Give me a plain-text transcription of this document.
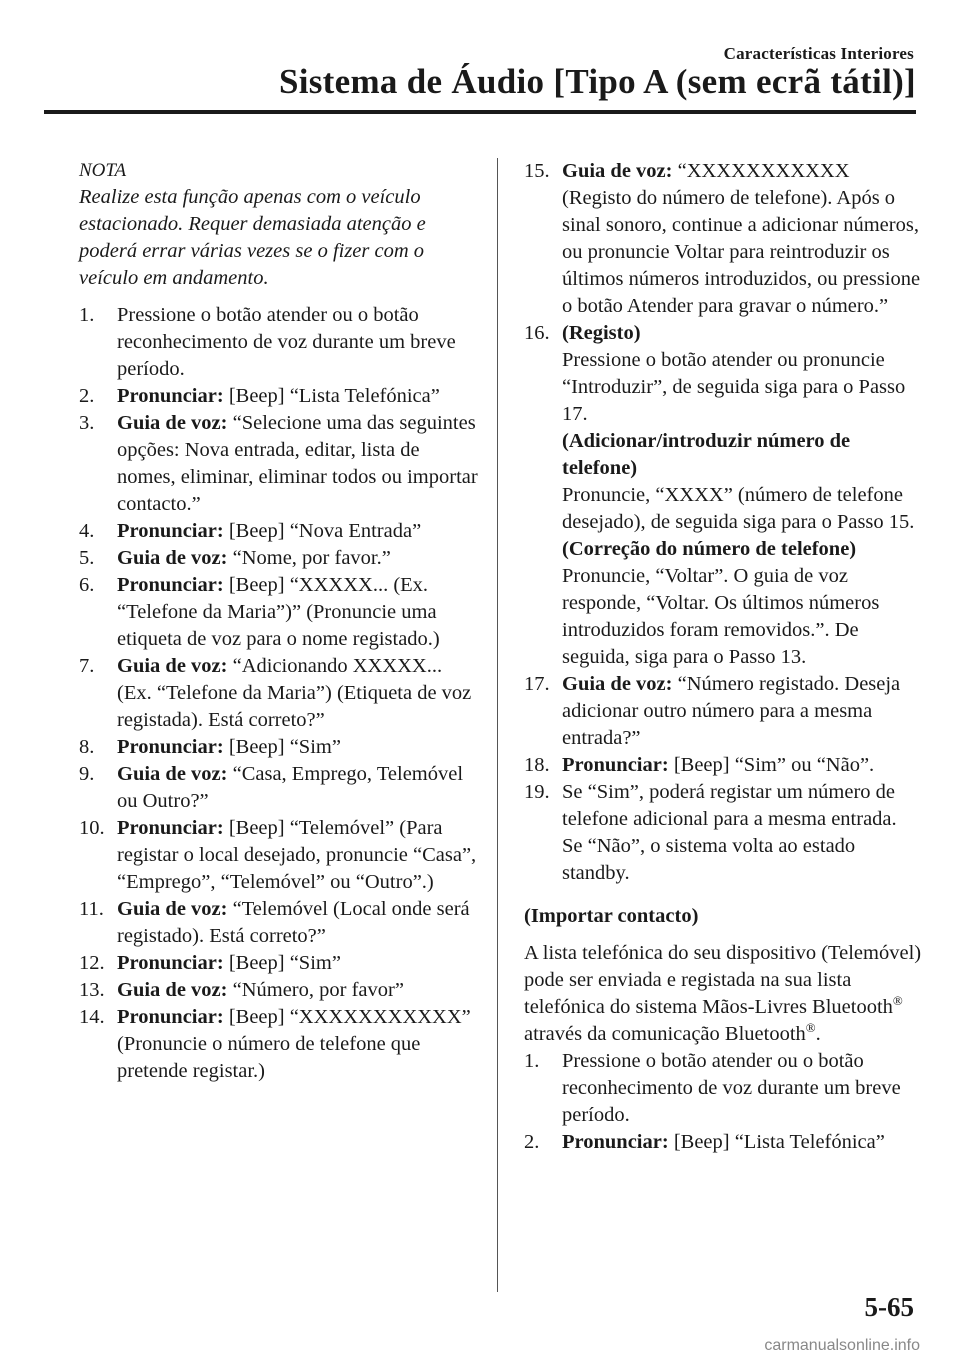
Características Interiores
Sistema de Áudio [Tipo A (sem ecrã tátil)]
NOTA
Realize esta função apenas com o veículo estacionado. Requer demasiada atenção e poderá errar várias vezes se o fizer com o veículo em andamento.
1. Pressione o botão atender ou o botão reconhecimento de voz durante um breve período.
2. Pronunciar: [Beep] “Lista Telefónica”
3. Guia de voz: “Selecione uma das seguintes opções: Nova entrada, editar, lista de nomes, eliminar, eliminar todos ou importar contacto.”
4. Pronunciar: [Beep] “Nova Entrada”
5. Guia de voz: “Nome, por favor.”
6. Pronunciar: [Beep] “XXXXX... (Ex. “Telefone da Maria”)” (Pronuncie uma etiqueta de voz para o nome registado.)
7. Guia de voz: “Adicionando XXXXX... (Ex. “Telefone da Maria”) (Etiqueta de voz registada). Está correto?”
8. Pronunciar: [Beep] “Sim”
9. Guia de voz: “Casa, Emprego, Telemóvel ou Outro?”
10. Pronunciar: [Beep] “Telemóvel” (Para registar o local desejado, pronuncie “Casa”, “Emprego”, “Telemóvel” ou “Outro”.)
11. Guia de voz: “Telemóvel (Local onde será registado). Está correto?”
12. Pronunciar: [Beep] “Sim”
13. Guia de voz: “Número, por favor”
14. Pronunciar: [Beep] “XXXXXXXXXXX” (Pronuncie o número de telefone que pretende registar.)
15. Guia de voz: “XXXXXXXXXXX (Registo do número de telefone). Após o sinal sonoro, continue a adicionar números, ou pronuncie Voltar para reintroduzir os últimos números introduzidos, ou pressione o botão Atender para gravar o número.”
16. (Registo)
Pressione o botão atender ou pronuncie “Introduzir”, de seguida siga para o Passo 17.
(Adicionar/introduzir número de telefone)
Pronuncie, “XXXX” (número de telefone desejado), de seguida siga para o Passo 15.
(Correção do número de telefone)
Pronuncie, “Voltar”. O guia de voz responde, “Voltar. Os últimos números introduzidos foram removidos.”. De seguida, siga para o Passo 13.
17. Guia de voz: “Número registado. Deseja adicionar outro número para a mesma entrada?”
18. Pronunciar: [Beep] “Sim” ou “Não”.
19. Se “Sim”, poderá registar um número de telefone adicional para a mesma entrada.
Se “Não”, o sistema volta ao estado standby.
(Importar contacto)
A lista telefónica do seu dispositivo (Telemóvel) pode ser enviada e registada na sua lista telefónica do sistema Mãos-Livres Bluetooth® através da comunicação Bluetooth®.
1. Pressione o botão atender ou o botão reconhecimento de voz durante um breve período.
2. Pronunciar: [Beep] “Lista Telefónica”
5-65
carmanualsonline.info
